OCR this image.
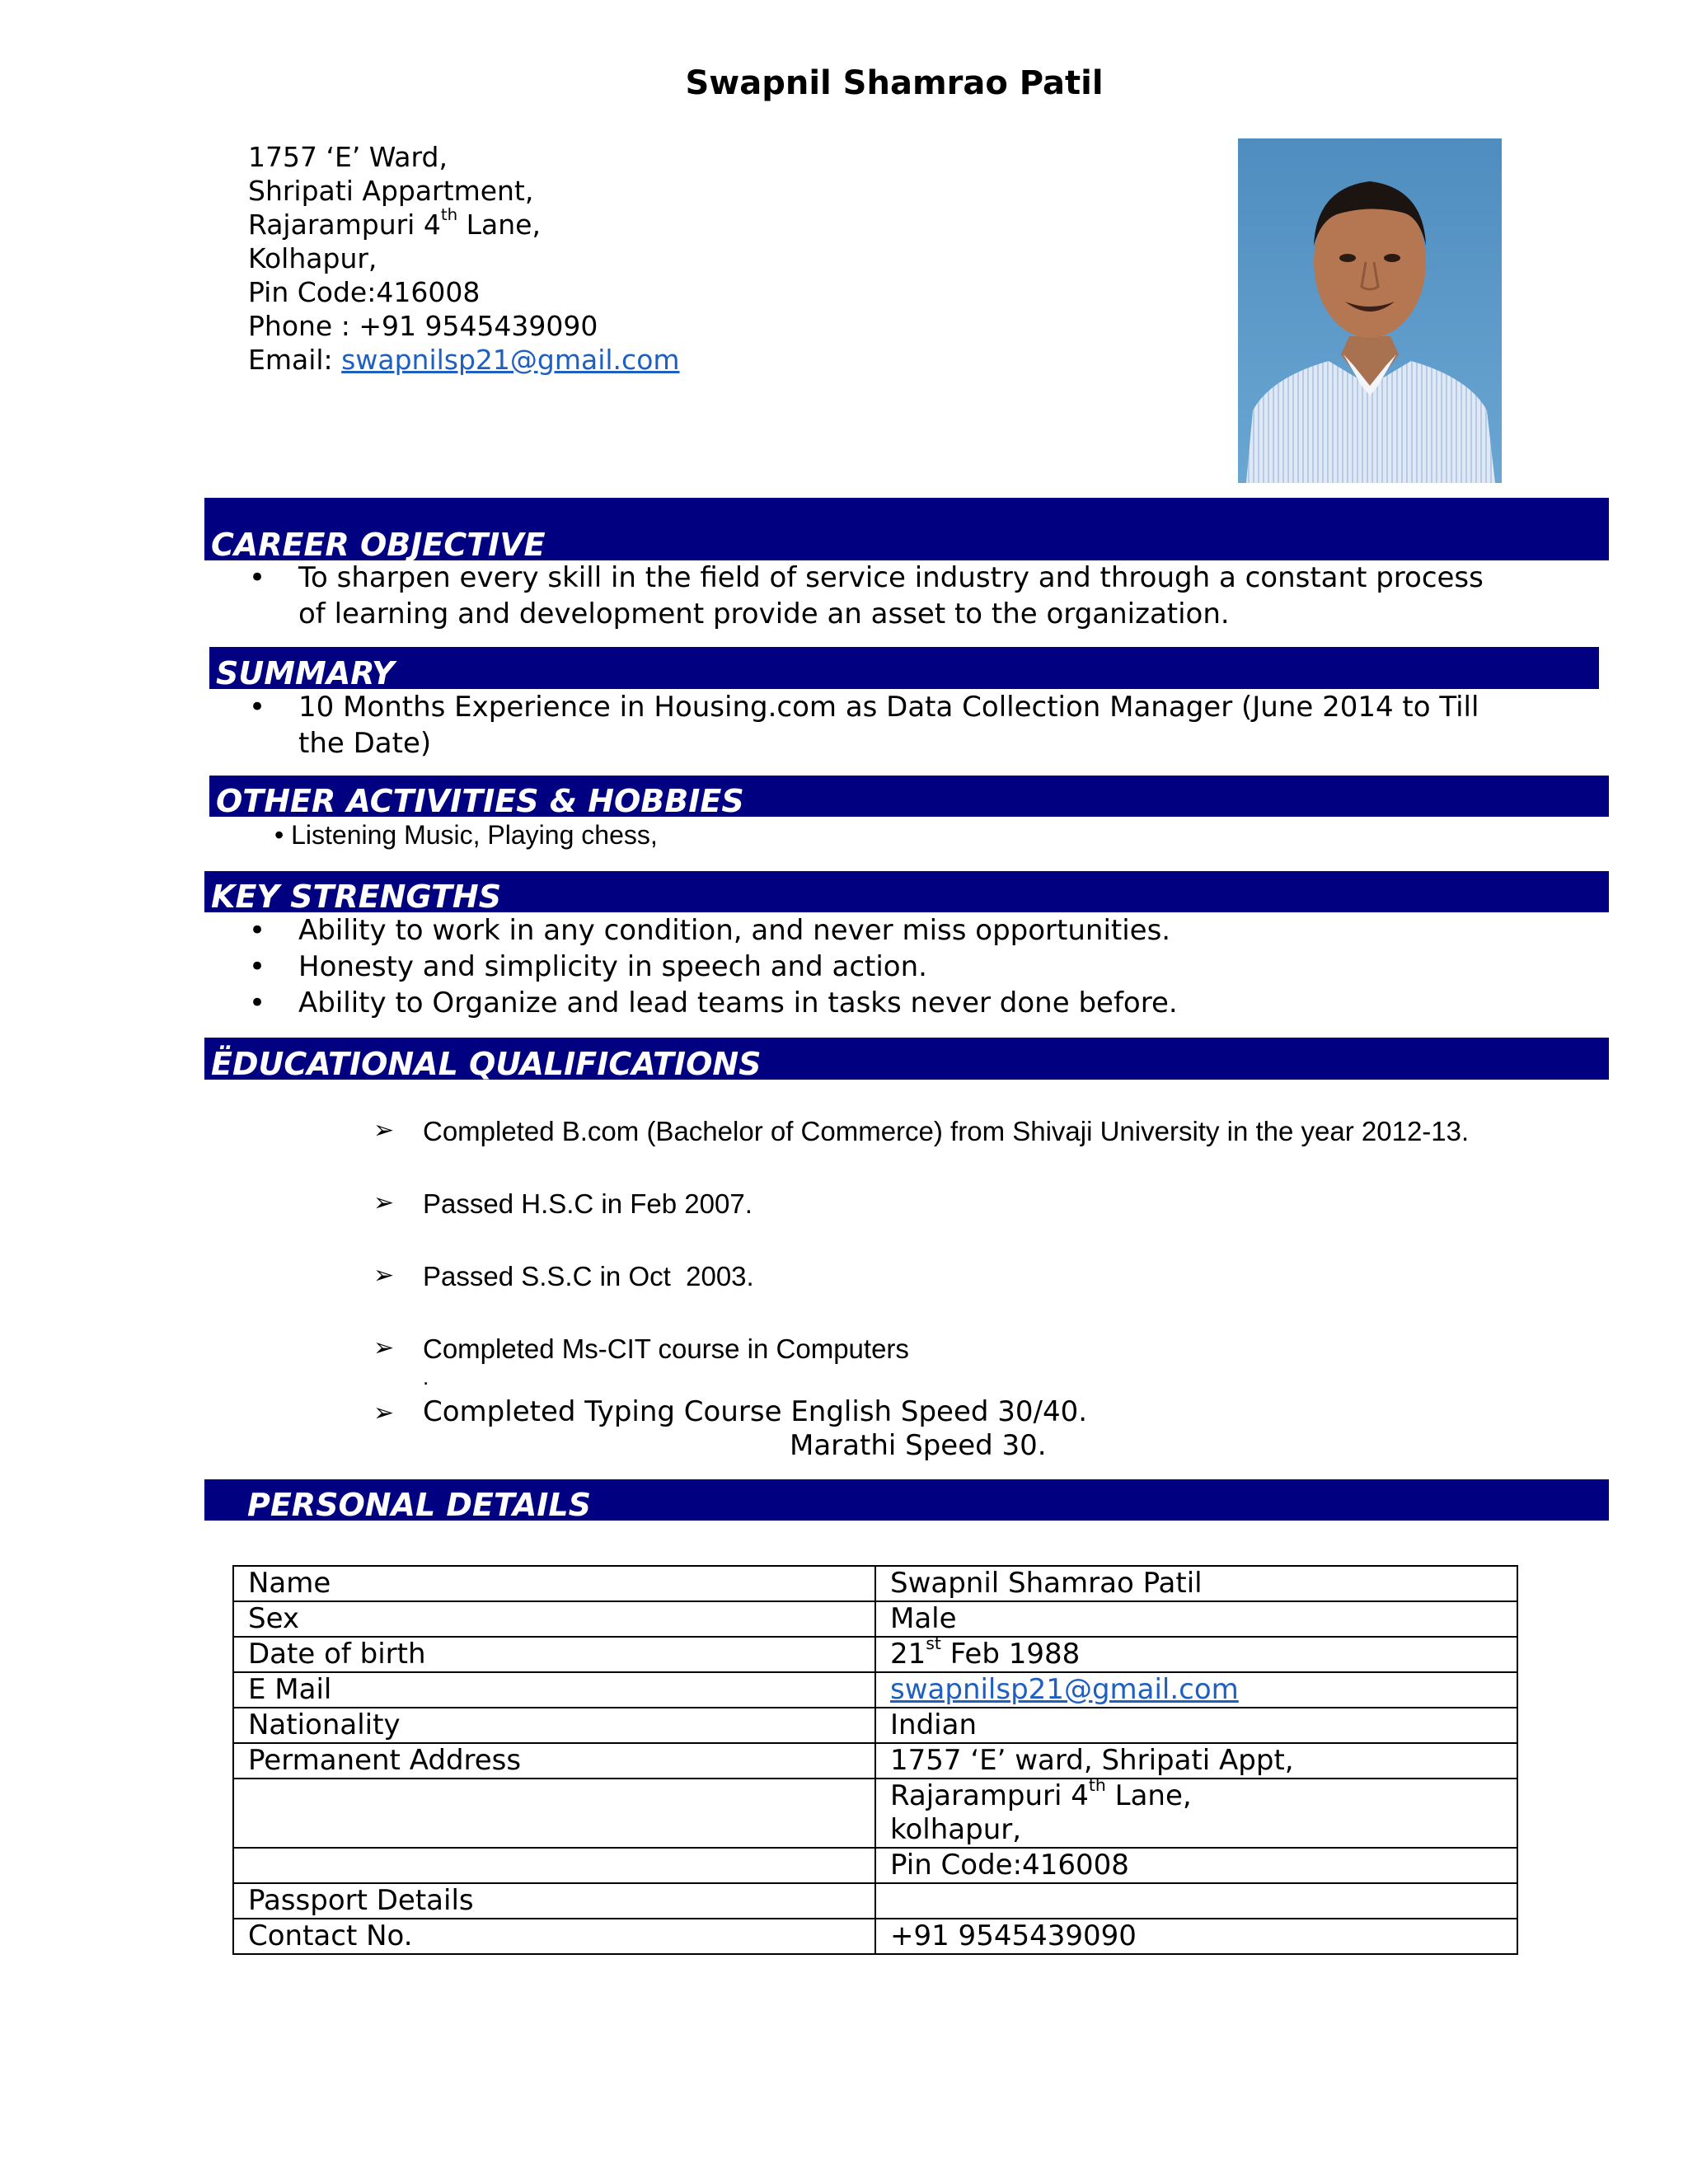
Swapnil Shamrao Patil
1757 ‘E’ Ward,
Shripati Appartment,
Rajarampuri 4th Lane,
Kolhapur,
Pin Code:416008
Phone : +91 9545439090
Email: swapnilsp21@gmail.com
CAREER OBJECTIVE
• To sharpen every skill in the field of service industry and through a constant process of learning and development provide an asset to the organization.
SUMMARY
• 10 Months Experience in Housing.com as Data Collection Manager (June 2014 to Till the Date)
OTHER ACTIVITIES & HOBBIES
• Listening Music, Playing chess,
KEY STRENGTHS
• Ability to work in any condition, and never miss opportunities.
• Honesty and simplicity in speech and action.
• Ability to Organize and lead teams in tasks never done before.
ËDUCATIONAL QUALIFICATIONS
➢ Completed B.com (Bachelor of Commerce) from Shivaji University in the year 2012-13.
➢ Passed H.S.C in Feb 2007.
➢ Passed S.S.C in Oct  2003.
➢ Completed Ms-CIT course in Computers
.
➢ Completed Typing Course English Speed 30/40.
Marathi Speed 30.
PERSONAL DETAILS
Name	Swapnil Shamrao Patil
Sex	Male
Date of birth	21st Feb 1988
E Mail	swapnilsp21@gmail.com
Nationality	Indian
Permanent Address	1757 ‘E’ ward, Shripati Appt,
	Rajarampuri 4th Lane,
kolhapur,
	Pin Code:416008
Passport Details	
Contact No.	+91 9545439090
